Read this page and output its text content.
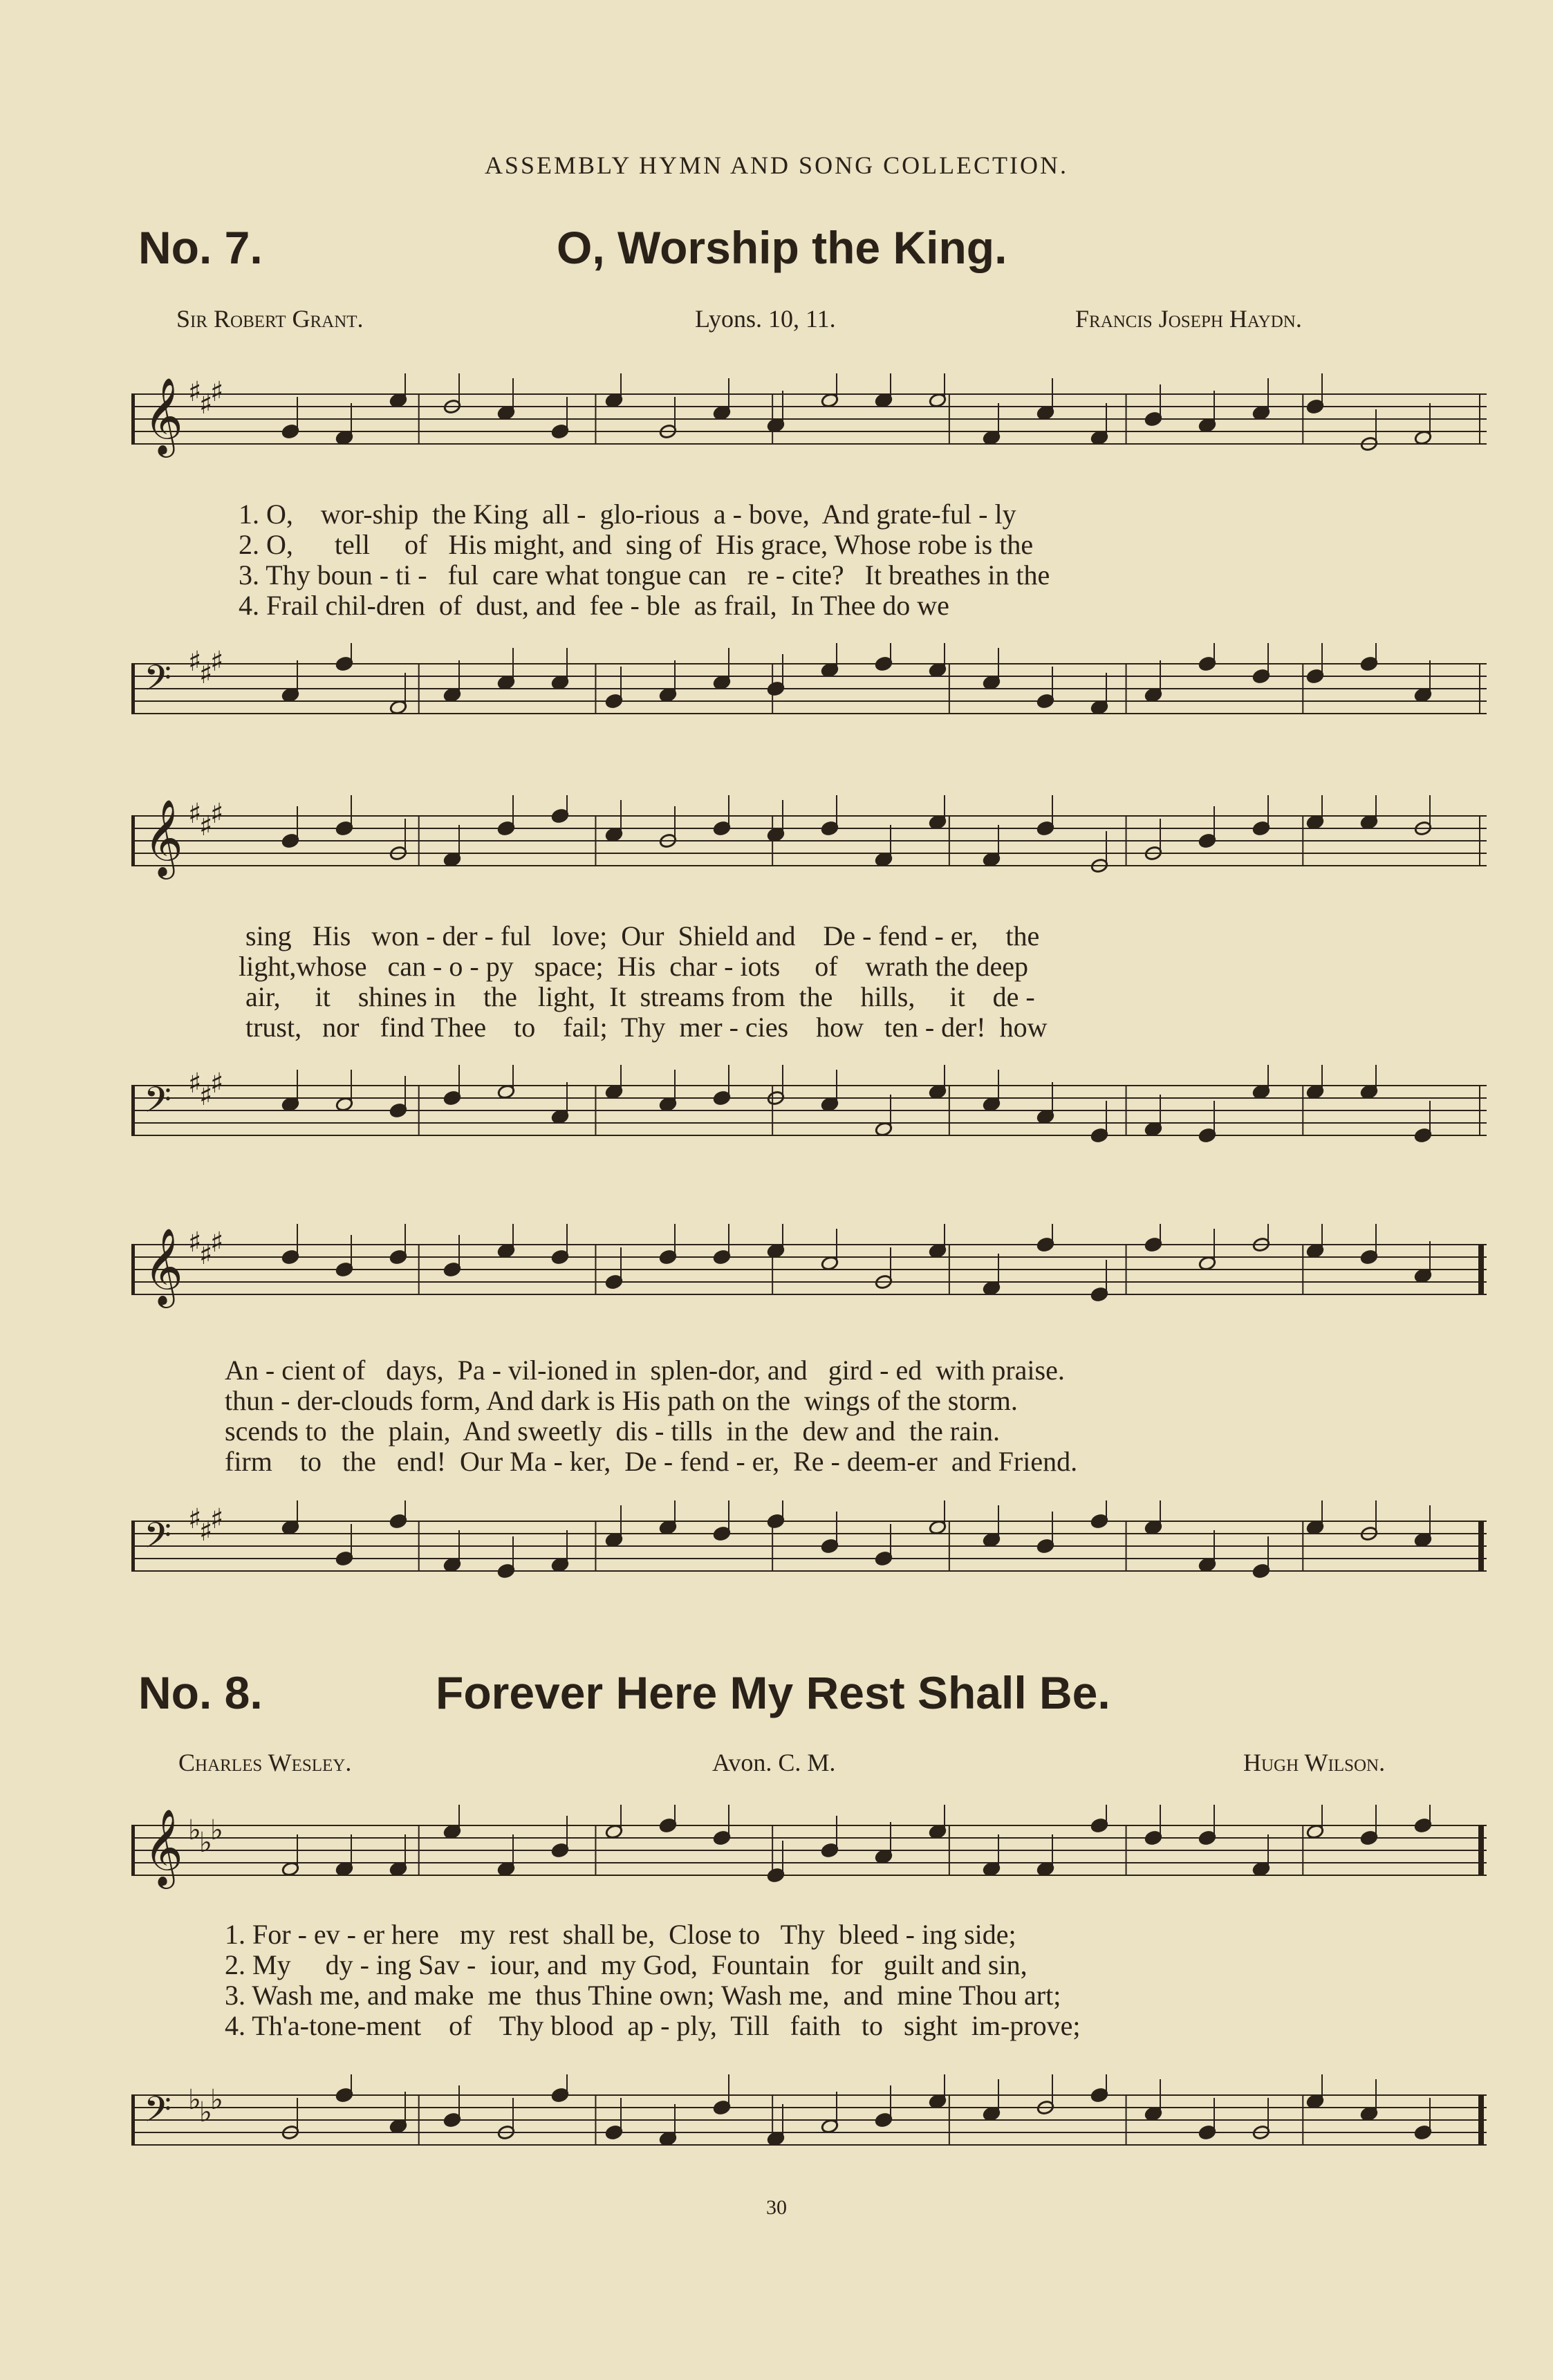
ASSEMBLY HYMN AND SONG COLLECTION.
No. 7.	O, Worship the King.
Sir Robert Grant.	Lyons. 10, 11.	Francis Joseph Haydn.
𝄞 ♯
♯
♯
1. O, wor-ship the King all - glo-rious a - bove, And grate-ful - ly
2. O, tell of His might, and sing of His grace, Whose robe is the
3. Thy boun - ti - ful care what tongue can re - cite? It breathes in the
4. Frail chil-dren of dust, and fee - ble as frail, In Thee do we
𝄢 ♯
♯
♯
𝄞 ♯
♯
♯
sing His won - der - ful love; Our Shield and De - fend - er, the
light,whose can - o - py space; His char - iots of wrath the deep
air, it shines in the light, It streams from the hills, it de -
trust, nor find Thee to fail; Thy mer - cies how ten - der! how
𝄢 ♯
♯
♯
𝄞 ♯
♯
♯
An - cient of days, Pa - vil-ioned in splen-dor, and gird - ed with praise.
thun - der-clouds form, And dark is His path on the wings of the storm.
scends to the plain, And sweetly dis - tills in the dew and the rain.
firm to the end! Our Ma - ker, De - fend - er, Re - deem-er and Friend.
𝄢 ♯
♯
♯
No. 8.	Forever Here My Rest Shall Be.
Charles Wesley.	Avon. C. M.	Hugh Wilson.
𝄞 ♭
♭
♭
1. For - ev - er here my rest shall be, Close to Thy bleed - ing side;
2. My dy - ing Sav - iour, and my God, Fountain for guilt and sin,
3. Wash me, and make me thus Thine own; Wash me, and mine Thou art;
4. Th'a-tone-ment of Thy blood ap - ply, Till faith to sight im-prove;
𝄢 ♭
♭
♭
30
